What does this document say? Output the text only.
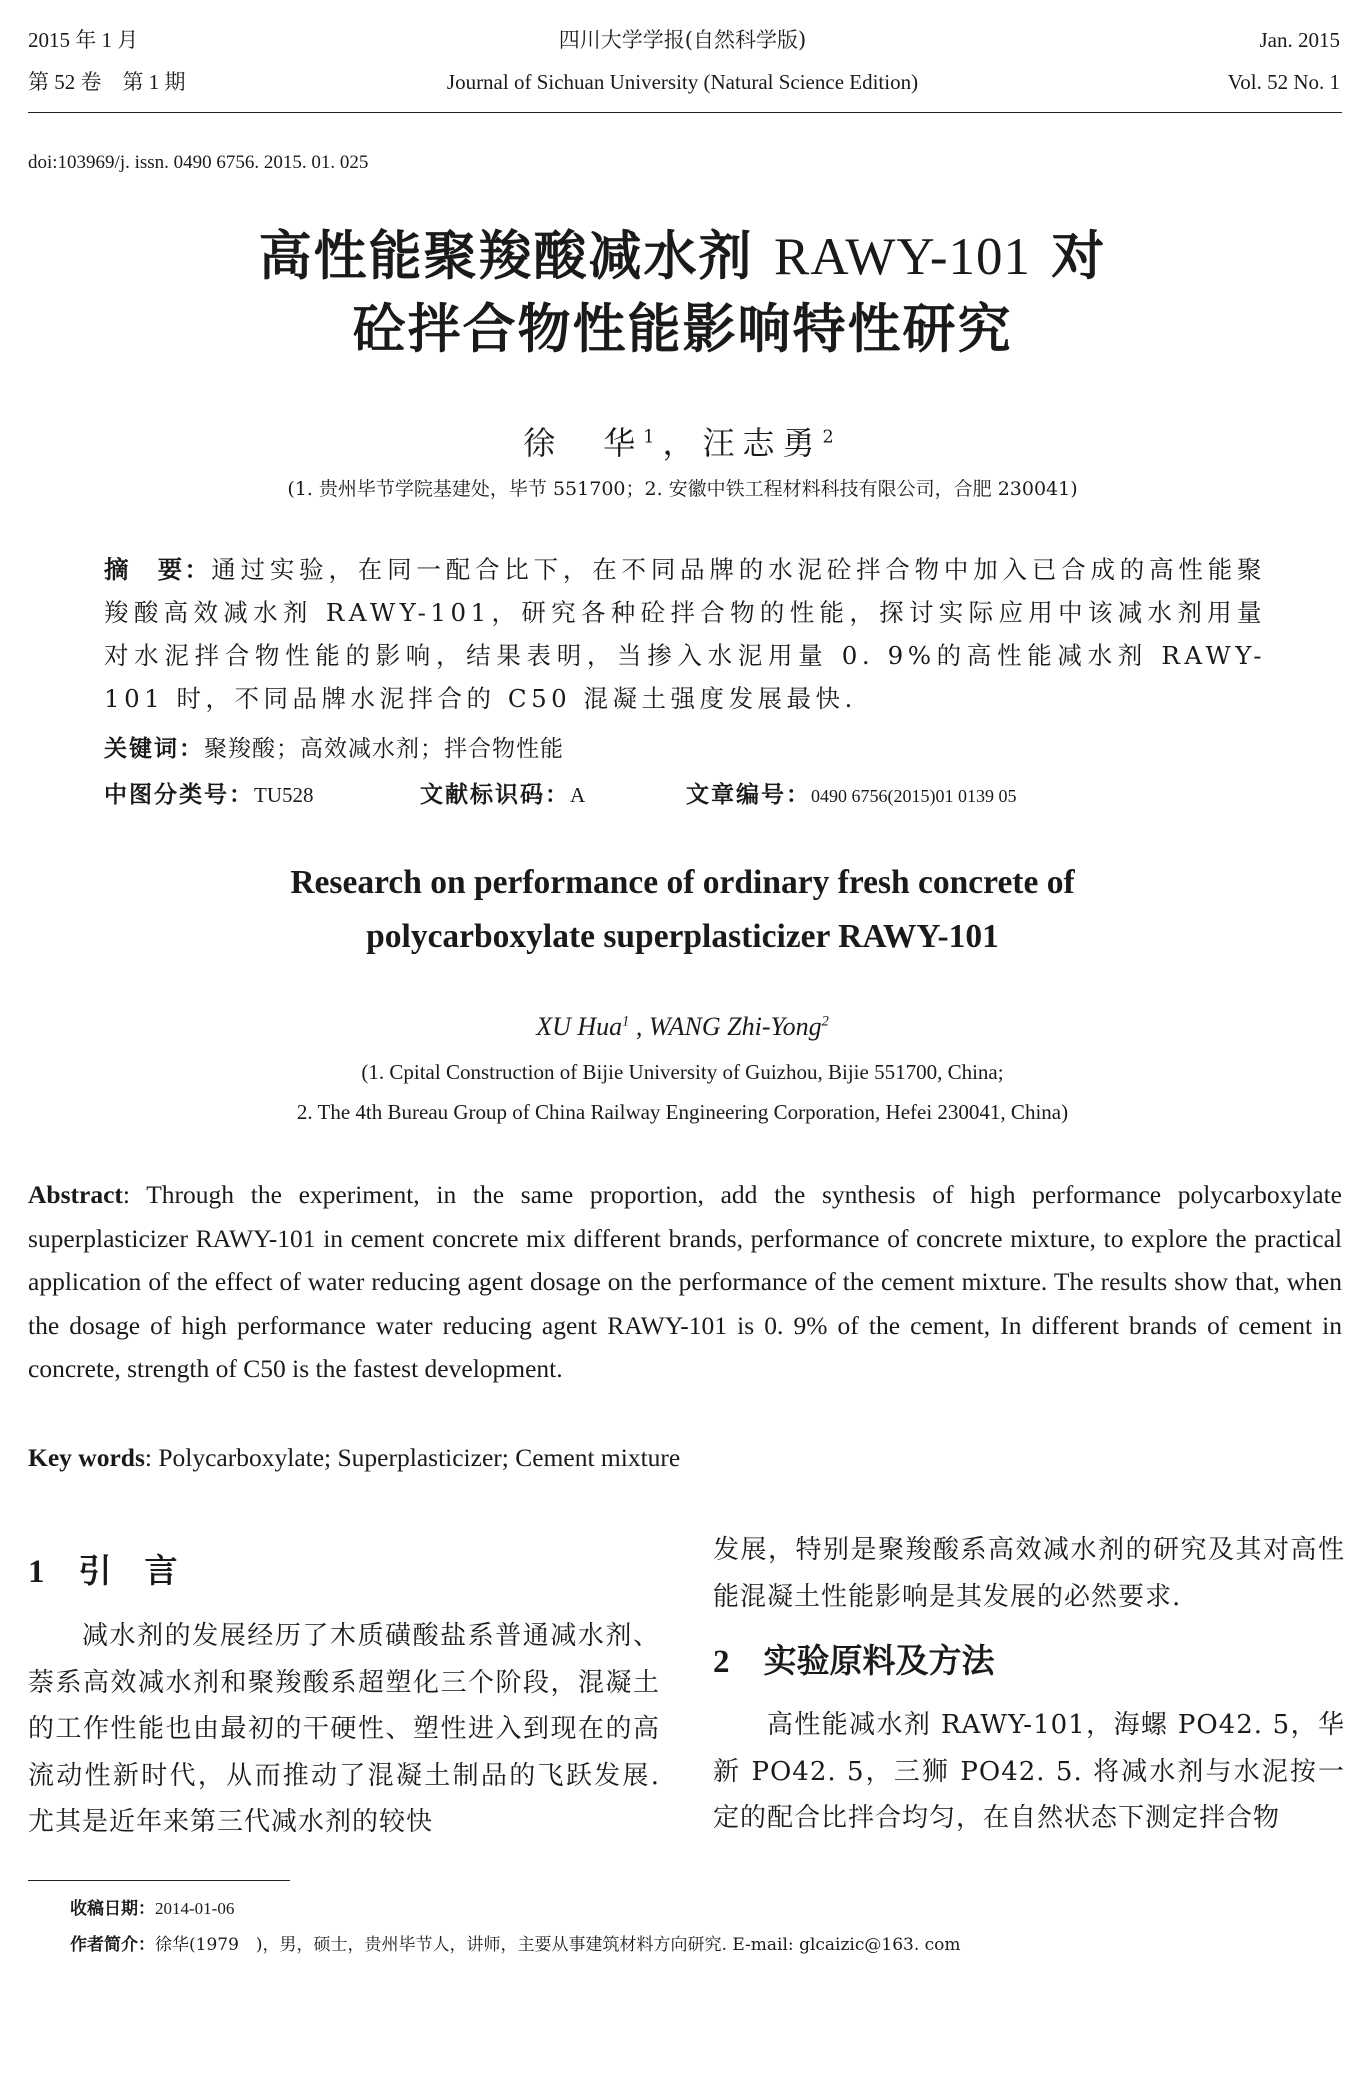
2015 年 1 月
第 52 卷　第 1 期
四川大学学报(自然科学版)
Journal of Sichuan University (Natural Science Edition)
Jan. 2015
Vol. 52 No. 1
doi:103969/j. issn. 0490 6756. 2015. 01. 025
高性能聚羧酸减水剂 RAWY-101 对
砼拌合物性能影响特性研究
徐　华$^1$，汪志勇$^2$
(1. 贵州毕节学院基建处，毕节 551700；2. 安徽中铁工程材料科技有限公司，合肥 230041)
摘　要：通过实验，在同一配合比下，在不同品牌的水泥砼拌合物中加入已合成的高性能聚羧酸高效减水剂 RAWY-101，研究各种砼拌合物的性能，探讨实际应用中该减水剂用量对水泥拌合物性能的影响，结果表明，当掺入水泥用量 0. 9%的高性能减水剂 RAWY-101 时，不同品牌水泥拌合的 C50 混凝土强度发展最快.
关键词：聚羧酸；高效减水剂；拌合物性能
中图分类号：TU528	文献标识码：A	文章编号：0490 6756(2015)01 0139 05
Research on performance of ordinary fresh concrete of
polycarboxylate superplasticizer RAWY-101
XU Hua$^1$ , WANG Zhi-Yong$^2$
(1. Cpital Construction of Bijie University of Guizhou, Bijie 551700, China;
2. The 4th Bureau Group of China Railway Engineering Corporation, Hefei 230041, China)
Abstract: Through the experiment, in the same proportion, add the synthesis of high performance polycarboxylate superplasticizer RAWY-101 in cement concrete mix different brands, performance of concrete mixture, to explore the practical application of the effect of water reducing agent dosage on the performance of the cement mixture. The results show that, when the dosage of high performance water reducing agent RAWY-101 is 0. 9% of the cement, In different brands of cement in concrete, strength of C50 is the fastest development.
Key words: Polycarboxylate; Superplasticizer; Cement mixture
1 引　言
减水剂的发展经历了木质磺酸盐系普通减水剂、萘系高效减水剂和聚羧酸系超塑化三个阶段，混凝土的工作性能也由最初的干硬性、塑性进入到现在的高流动性新时代，从而推动了混凝土制品的飞跃发展. 尤其是近年来第三代减水剂的较快
发展，特别是聚羧酸系高效减水剂的研究及其对高性能混凝土性能影响是其发展的必然要求.
2 实验原料及方法
高性能减水剂 RAWY-101，海螺 PO42. 5，华新 PO42. 5，三狮 PO42. 5. 将减水剂与水泥按一定的配合比拌合均匀，在自然状态下测定拌合物
收稿日期：2014-01-06
作者简介：徐华(1979　)，男，硕士，贵州毕节人，讲师，主要从事建筑材料方向研究. E-mail: glcaizic@163. com
